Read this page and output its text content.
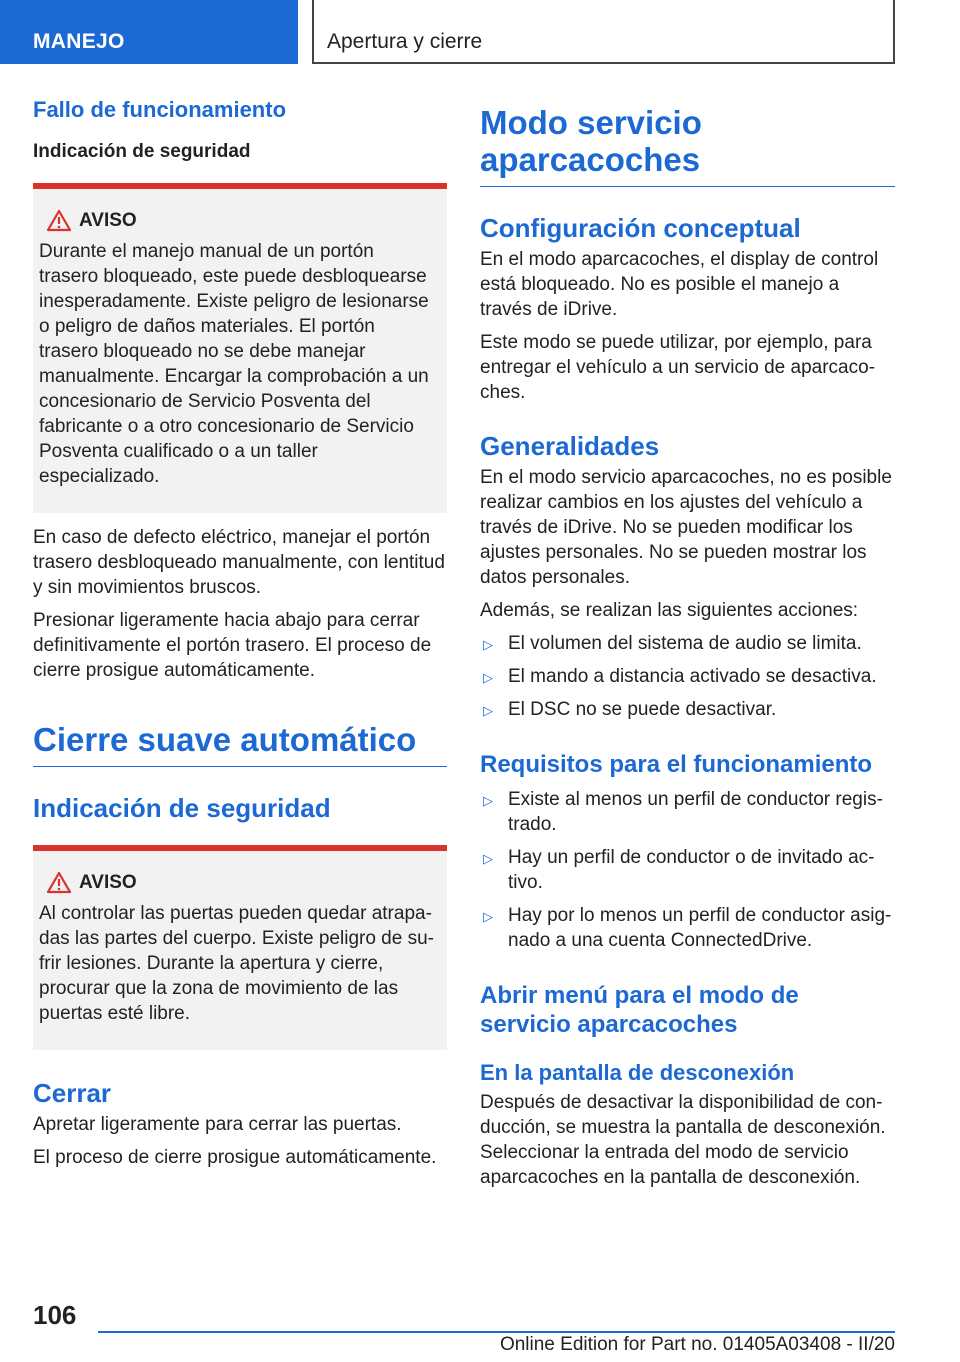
MANEJO	Apertura y cierre
Fallo de funcionamiento
Indicación de seguridad
AVISO

Durante el manejo manual de un portón trasero bloqueado, este puede desbloquearse inesperadamente. Existe peligro de lesionarse o peligro de daños materiales. El portón trasero bloqueado no se debe manejar manualmente. Encargar la comprobación a un concesionario de Servicio Posventa del fabricante o a otro concesionario de Servicio Posventa cualificado o a un taller especializado.

En caso de defecto eléctrico, manejar el portón trasero desbloqueado manualmente, con lentitud y sin movimientos bruscos.

Presionar ligeramente hacia abajo para cerrar definitivamente el portón trasero. El proceso de cierre prosigue automáticamente.

Cierre suave automático
Indicación de seguridad
AVISO

Al controlar las puertas pueden quedar atrapadas las partes del cuerpo. Existe peligro de sufrir lesiones. Durante la apertura y cierre, procurar que la zona de movimiento de las puertas esté libre.

Cerrar

Apretar ligeramente para cerrar las puertas.

El proceso de cierre prosigue automáticamente.

Modo servicio aparcacoches
Configuración conceptual

En el modo aparcacoches, el display de control está bloqueado. No es posible el manejo a través de iDrive.

Este modo se puede utilizar, por ejemplo, para entregar el vehículo a un servicio de aparcacoches.

Generalidades

En el modo servicio aparcacoches, no es posible realizar cambios en los ajustes del vehículo a través de iDrive. No se pueden modificar los ajustes personales. No se pueden mostrar los datos personales.

Además, se realizan las siguientes acciones:

▷ El volumen del sistema de audio se limita.
▷ El mando a distancia activado se desactiva.
▷ El DSC no se puede desactivar.
Requisitos para el funcionamiento
▷ Existe al menos un perfil de conductor registrado.
▷ Hay un perfil de conductor o de invitado activo.
▷ Hay por lo menos un perfil de conductor asignado a una cuenta ConnectedDrive.
Abrir menú para el modo de servicio aparcacoches
En la pantalla de desconexión

Después de desactivar la disponibilidad de conducción, se muestra la pantalla de desconexión. Seleccionar la entrada del modo de servicio aparcacoches en la pantalla de desconexión.

106
Online Edition for Part no. 01405A03408 - II/20
